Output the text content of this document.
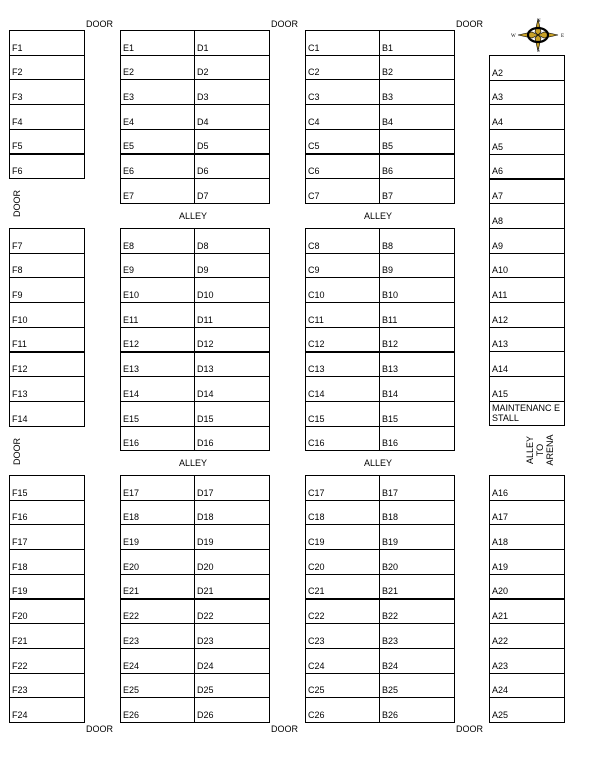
F1
F2
F3
F4
F5
F6
F7
F8
F9
F10
F11
F12
F13
F14
F15
F16
F17
F18
F19
F20
F21
F22
F23
F24
E1	D1	C1	B1
E2	D2	C2	B2
E3	D3	C3	B3
E4	D4	C4	B4
E5	D5	C5	B5
E6	D6	C6	B6
E7	D7	C7	B7
E8	D8	C8	B8
E9	D9	C9	B9
E10	D10	C10	B10
E11	D11	C11	B11
E12	D12	C12	B12
E13	D13	C13	B13
E14	D14	C14	B14
E15	D15	C15	B15
E16	D16	C16	B16
E17	D17	C17	B17
E18	D18	C18	B18
E19	D19	C19	B19
E20	D20	C20	B20
E21	D21	C21	B21
E22	D22	C22	B22
E23	D23	C23	B23
E24	D24	C24	B24
E25	D25	C25	B25
E26	D26	C26	B26
A2
A3
A4
A5
A6
A7
A8
A9
A10
A11
A12
A13
A14
A15
MAINTENANC E STALL
A16
A17
A18
A19
A20
A21
A22
A23
A24
A25
DOOR	DOOR	DOOR
DOOR	DOOR	DOOR
DOOR
DOOR
ALLEY	ALLEY
ALLEY	ALLEY	ALLEY TO ARENA
N
S
W	E
